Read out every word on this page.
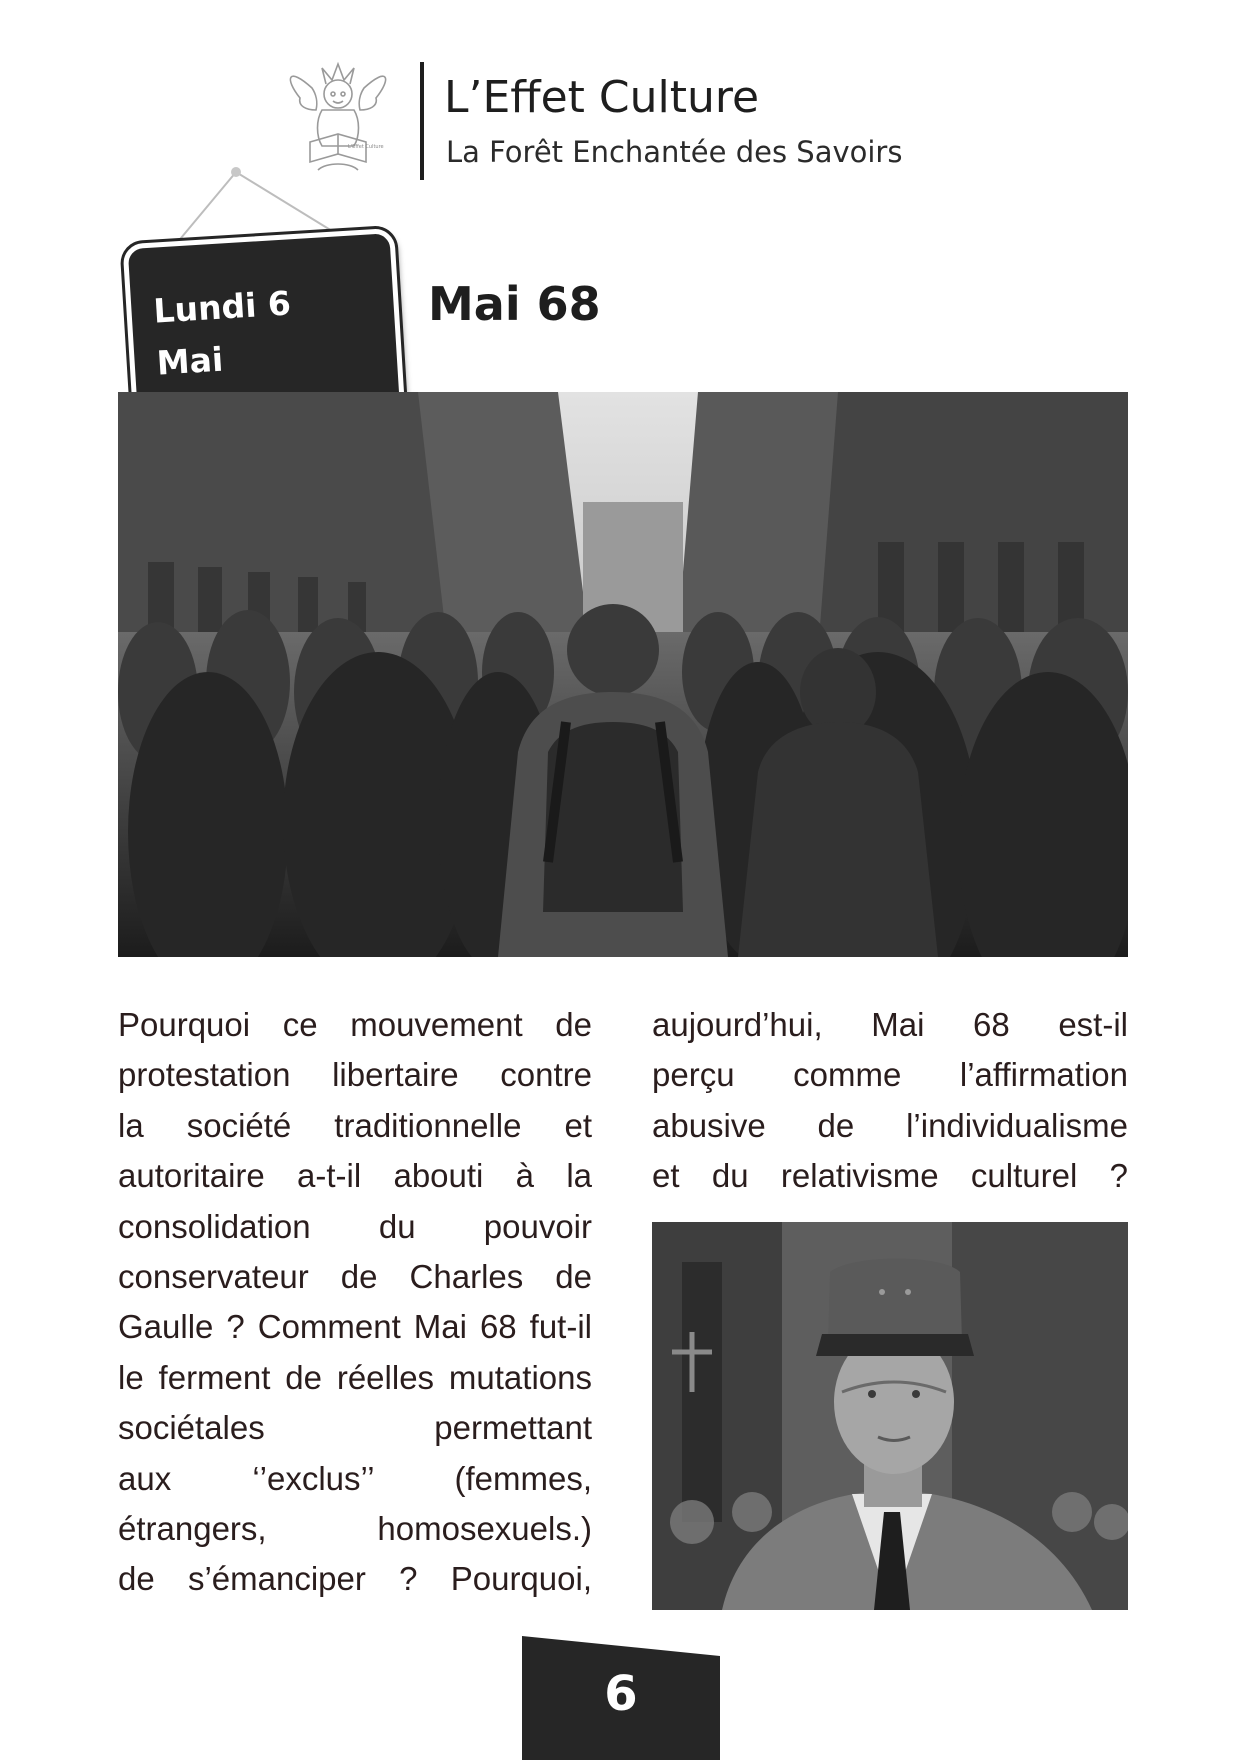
L'Effet Culture
L’Effet Culture
La Forêt Enchantée des Savoirs
Lundi 6
Mai
Mai 68
Pourquoi ce mouvement de
protestation libertaire contre
la société traditionnelle et
autoritaire a-t-il abouti à la
consolidation du pouvoir
conservateur de Charles de
Gaulle ? Comment Mai 68 fut-il
le ferment de réelles mutations
sociétales permettant
aux ‘’exclus’’ (femmes,
étrangers, homosexuels.)
de s’émanciper ? Pourquoi,
aujourd’hui, Mai 68 est-il
perçu comme l’affirmation
abusive de l’individualisme
et du relativisme culturel ?
6
